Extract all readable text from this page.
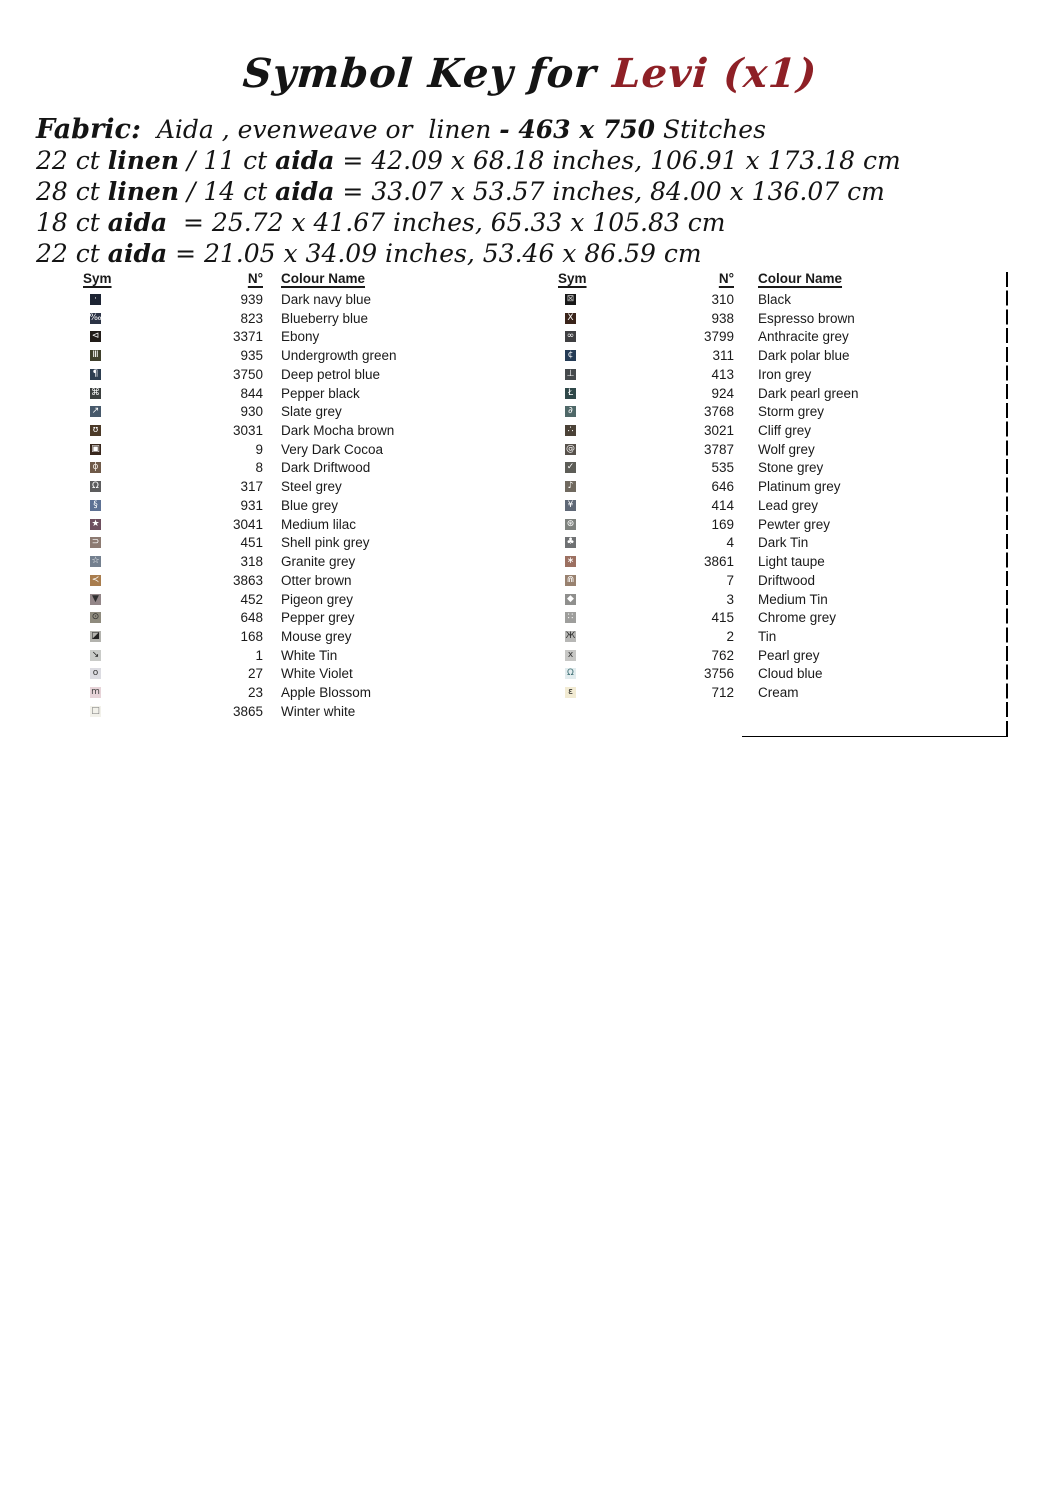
Symbol Key for Levi (x1)
Fabric:  Aida , evenweave or  linen - 463 x 750 Stitches
22 ct linen / 11 ct aida = 42.09 x 68.18 inches, 106.91 x 173.18 cm
28 ct linen / 14 ct aida = 33.07 x 53.57 inches, 84.00 x 136.07 cm
18 ct aida  = 25.72 x 41.67 inches, 65.33 x 105.83 cm
22 ct aida = 21.05 x 34.09 inches, 53.46 x 86.59 cm
Sym	N° Colour Name
·	939 Dark navy blue
‰	823 Blueberry blue
⊲	3371 Ebony
Ⅲ	935 Undergrowth green
¶	3750 Deep petrol blue
⌘	844 Pepper black
↗	930 Slate grey
ʊ	3031 Dark Mocha brown
▣	9 Very Dark Cocoa
ϕ	8 Dark Driftwood
Ω	317 Steel grey
§	931 Blue grey
★	3041 Medium lilac
⊃	451 Shell pink grey
☆	318 Granite grey
≺	3863 Otter brown
▼	452 Pigeon grey
⊙	648 Pepper grey
◪	168 Mouse grey
↘	1 White Tin
o	27 White Violet
m	23 Apple Blossom
□	3865 Winter white
Sym	N° Colour Name
⊠	310 Black
X	938 Espresso brown
∞	3799 Anthracite grey
¢	311 Dark polar blue
⊥	413 Iron grey
Ł	924 Dark pearl green
∂	3768 Storm grey
∴	3021 Cliff grey
@	3787 Wolf grey
✓	535 Stone grey
♪	646 Platinum grey
¥	414 Lead grey
⊛	169 Pewter grey
♣	4 Dark Tin
∗	3861 Light taupe
⋒	7 Driftwood
◆	3 Medium Tin
∷	415 Chrome grey
Ж	2 Tin
x	762 Pearl grey
Ω	3756 Cloud blue
ε	712 Cream
